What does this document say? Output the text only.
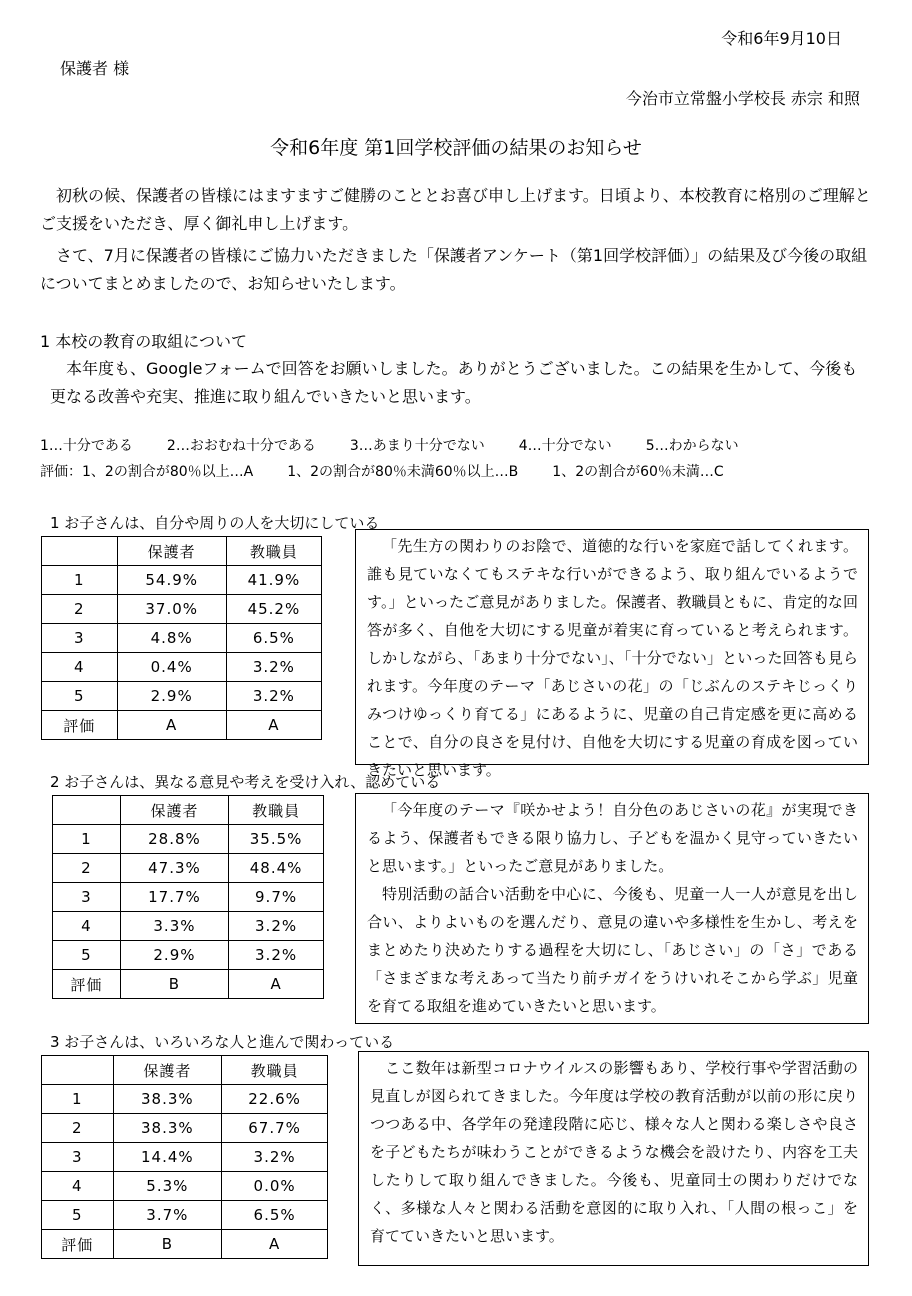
令和6年9月10日
保護者 様
今治市立常盤小学校長 赤宗 和照
令和6年度 第1回学校評価の結果のお知らせ

初秋の候、保護者の皆様にはますますご健勝のこととお喜び申し上げます。日頃より、本校教育に格別のご理解とご支援をいただき、厚く御礼申し上げます。

さて、7月に保護者の皆様にご協力いただきました「保護者アンケート（第1回学校評価）」の結果及び今後の取組についてまとめましたので、お知らせいたします。

1 本校の教育の取組について

本年度も、Googleフォームで回答をお願いしました。ありがとうございました。この結果を生かして、今後も更なる改善や充実、推進に取り組んでいきたいと思います。

1…十分である 2…おおむね十分である 3…あまり十分でない 4…十分でない 5…わからない
評価：1、2の割合が80％以上…A 1、2の割合が80％未満60％以上…B 1、2の割合が60％未満…C
1 お子さんは、自分や周りの人を大切にしている
	保護者	教職員
1	54.9%	41.9%
2	37.0%	45.2%
3	4.8%	6.5%
4	0.4%	3.2%
5	2.9%	3.2%
評価	A	A

「先生方の関わりのお陰で、道徳的な行いを家庭で話してくれます。誰も見ていなくてもステキな行いができるよう、取り組んでいるようです。」といったご意見がありました。保護者、教職員ともに、肯定的な回答が多く、自他を大切にする児童が着実に育っていると考えられます。しかしながら、「あまり十分でない」、「十分でない」といった回答も見られます。今年度のテーマ「あじさいの花」の「じぶんのステキじっくりみつけゆっくり育てる」にあるように、児童の自己肯定感を更に高めることで、自分の良さを見付け、自他を大切にする児童の育成を図っていきたいと思います。

2 お子さんは、異なる意見や考えを受け入れ、認めている
	保護者	教職員
1	28.8%	35.5%
2	47.3%	48.4%
3	17.7%	9.7%
4	3.3%	3.2%
5	2.9%	3.2%
評価	B	A

「今年度のテーマ『咲かせよう！自分色のあじさいの花』が実現できるよう、保護者もできる限り協力し、子どもを温かく見守っていきたいと思います。」といったご意見がありました。

特別活動の話合い活動を中心に、今後も、児童一人一人が意見を出し合い、よりよいものを選んだり、意見の違いや多様性を生かし、考えをまとめたり決めたりする過程を大切にし、「あじさい」の「さ」である「さまざまな考えあって当たり前チガイをうけいれそこから学ぶ」児童を育てる取組を進めていきたいと思います。

3 お子さんは、いろいろな人と進んで関わっている
	保護者	教職員
1	38.3%	22.6%
2	38.3%	67.7%
3	14.4%	3.2%
4	5.3%	0.0%
5	3.7%	6.5%
評価	B	A

ここ数年は新型コロナウイルスの影響もあり、学校行事や学習活動の見直しが図られてきました。今年度は学校の教育活動が以前の形に戻りつつある中、各学年の発達段階に応じ、様々な人と関わる楽しさや良さを子どもたちが味わうことができるような機会を設けたり、内容を工夫したりして取り組んできました。今後も、児童同士の関わりだけでなく、多様な人々と関わる活動を意図的に取り入れ、「人間の根っこ」を育てていきたいと思います。
